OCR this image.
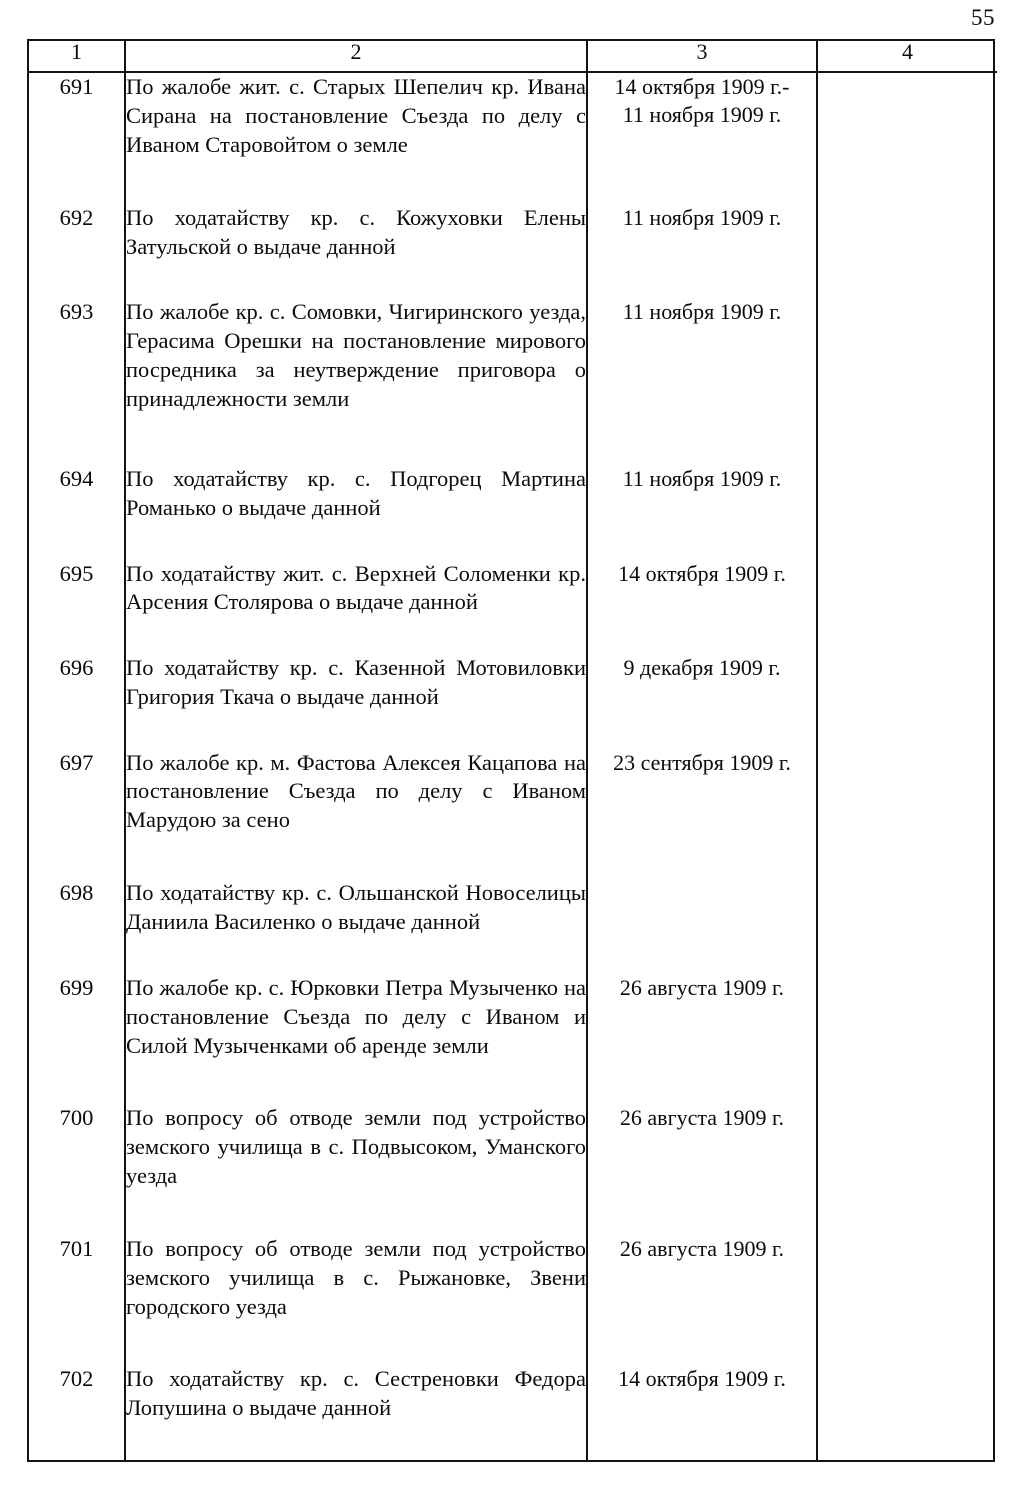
55
1	2	3	4
691	По жалобе жит. с. Старых Шепелич кр. Ивана Сирана на постановление Съезда по делу с Иваном Старовойтом о земле	14 октября 1909 г.-
11 ноября 1909 г.	

692	По ходатайству кр. с. Кожуховки Елены Затульской о выдаче данной	11 ноября 1909 г.	

693	По жалобе кр. с. Сомовки, Чигиринского уезда, Герасима Орешки на постановление мирового посредника за неутверждение приговора о принадлежности земли	11 ноября 1909 г.	

694	По ходатайству кр. с. Подгорец Мартина Романько о выдаче данной	11 ноября 1909 г.	

695	По ходатайству жит. с. Верхней Соломенки кр. Арсения Столярова о выдаче данной	14 октября 1909 г.	

696	По ходатайству кр. с. Казенной Мотовиловки Григория Ткача о выдаче данной	9 декабря 1909 г.	

697	По жалобе кр. м. Фастова Алексея Кацапова на постановление Съезда по делу с Иваном Марудою за сено	23 сентября 1909 г.	

698	По ходатайству кр. с. Ольшанской Новоселицы Даниила Василенко о выдаче данной		
699	По жалобе кр. с. Юрковки Петра Музыченко на постановление Съезда по делу с Иваном и Силой Музыченками об аренде земли	26 августа 1909 г.	

700	По вопросу об отводе земли под устройство земского училища в с. Подвысоком, Уманского уезда	26 августа 1909 г.	

701	По вопросу об отводе земли под устройство земского училища в с. Рыжановке, Звени городского уезда	26 августа 1909 г.	

702	По ходатайству кр. с. Сестреновки Федора Лопушина о выдаче данной	14 октября 1909 г.	
